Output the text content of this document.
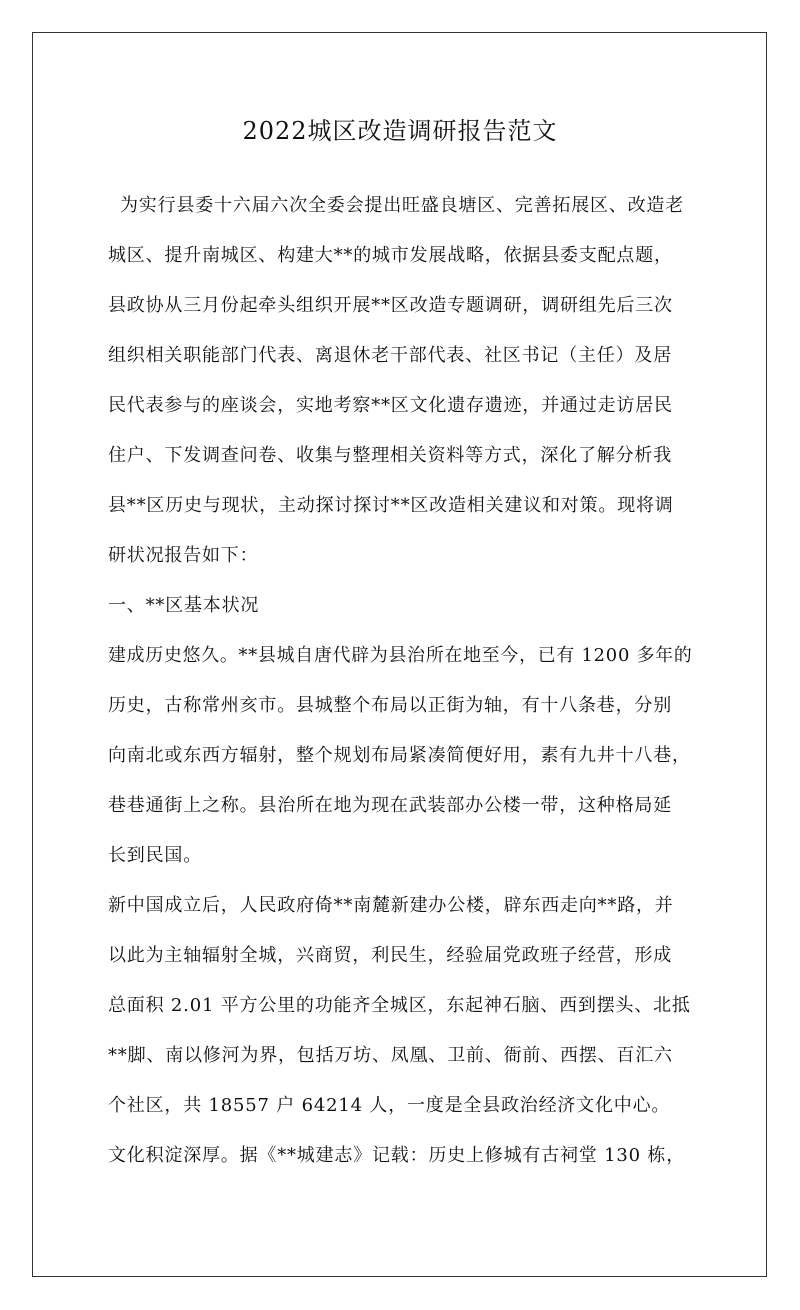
2022城区改造调研报告范文

为实行县委十六届六次全委会提出旺盛良塘区、完善拓展区、改造老

城区、提升南城区、构建大**的城市发展战略，依据县委支配点题，

县政协从三月份起牵头组织开展**区改造专题调研，调研组先后三次

组织相关职能部门代表、离退休老干部代表、社区书记（主任）及居

民代表参与的座谈会，实地考察**区文化遗存遗迹，并通过走访居民

住户、下发调查问卷、收集与整理相关资料等方式，深化了解分析我

县**区历史与现状，主动探讨探讨**区改造相关建议和对策。现将调

研状况报告如下：

一、**区基本状况

建成历史悠久。**县城自唐代辟为县治所在地至今，已有 1200 多年的

历史，古称常州亥市。县城整个布局以正街为轴，有十八条巷，分别

向南北或东西方辐射，整个规划布局紧凑简便好用，素有九井十八巷，

巷巷通街上之称。县治所在地为现在武装部办公楼一带，这种格局延

长到民国。

新中国成立后，人民政府倚**南麓新建办公楼，辟东西走向**路，并

以此为主轴辐射全城，兴商贸，利民生，经验届党政班子经营，形成

总面积 2.01 平方公里的功能齐全城区，东起神石脑、西到摆头、北抵

**脚、南以修河为界，包括万坊、凤凰、卫前、衙前、西摆、百汇六

个社区，共 18557 户 64214 人，一度是全县政治经济文化中心。

文化积淀深厚。据《**城建志》记载：历史上修城有古祠堂 130 栋，
